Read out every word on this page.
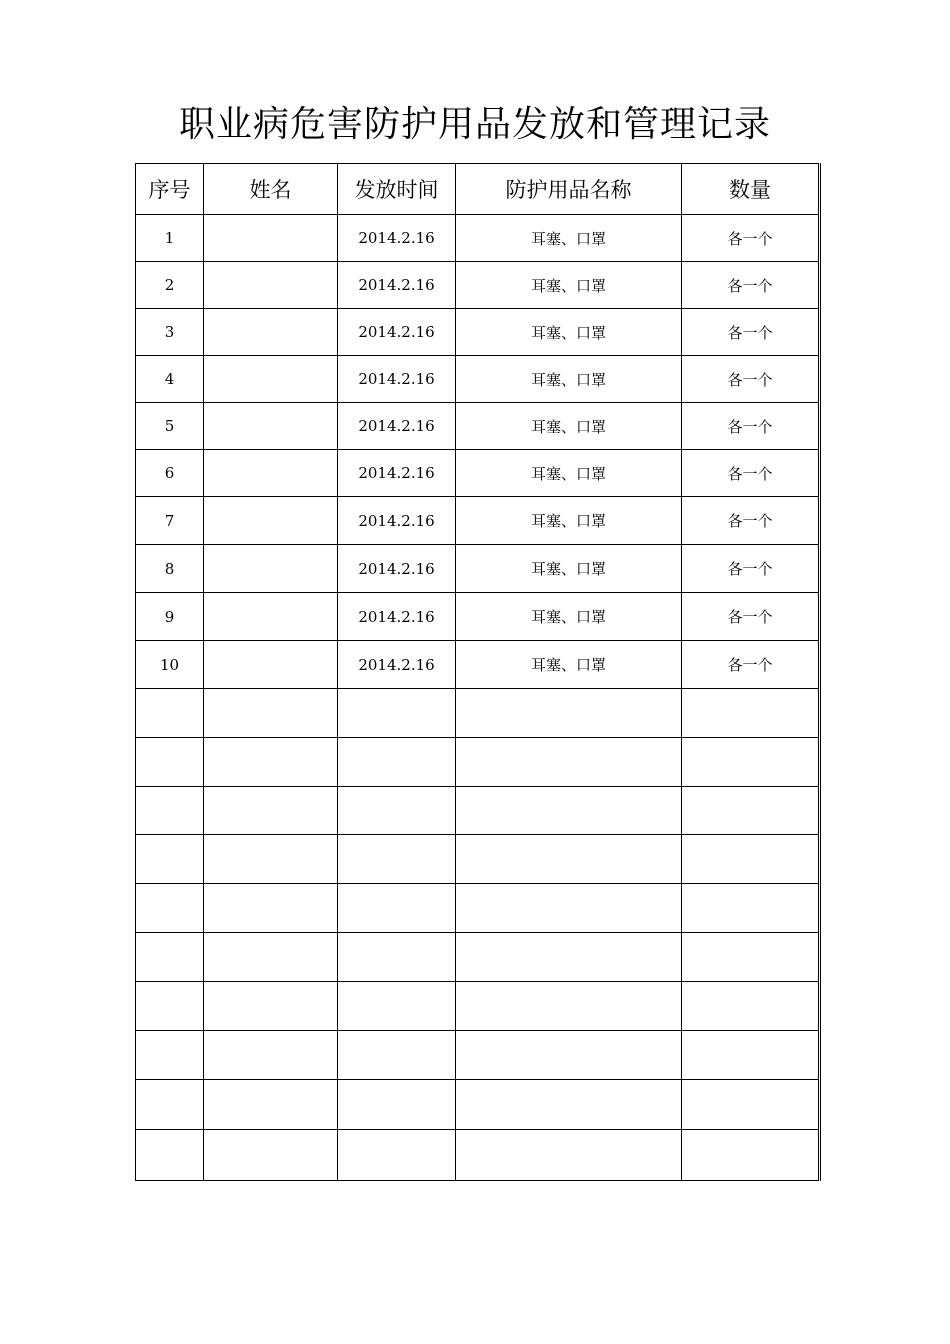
职业病危害防护用品发放和管理记录
序号	姓名	发放时间	防护用品名称	数量
1		2014.2.16	耳塞、口罩	各一个
2		2014.2.16	耳塞、口罩	各一个
3		2014.2.16	耳塞、口罩	各一个
4		2014.2.16	耳塞、口罩	各一个
5		2014.2.16	耳塞、口罩	各一个
6		2014.2.16	耳塞、口罩	各一个
7		2014.2.16	耳塞、口罩	各一个
8		2014.2.16	耳塞、口罩	各一个
9		2014.2.16	耳塞、口罩	各一个
10		2014.2.16	耳塞、口罩	各一个
